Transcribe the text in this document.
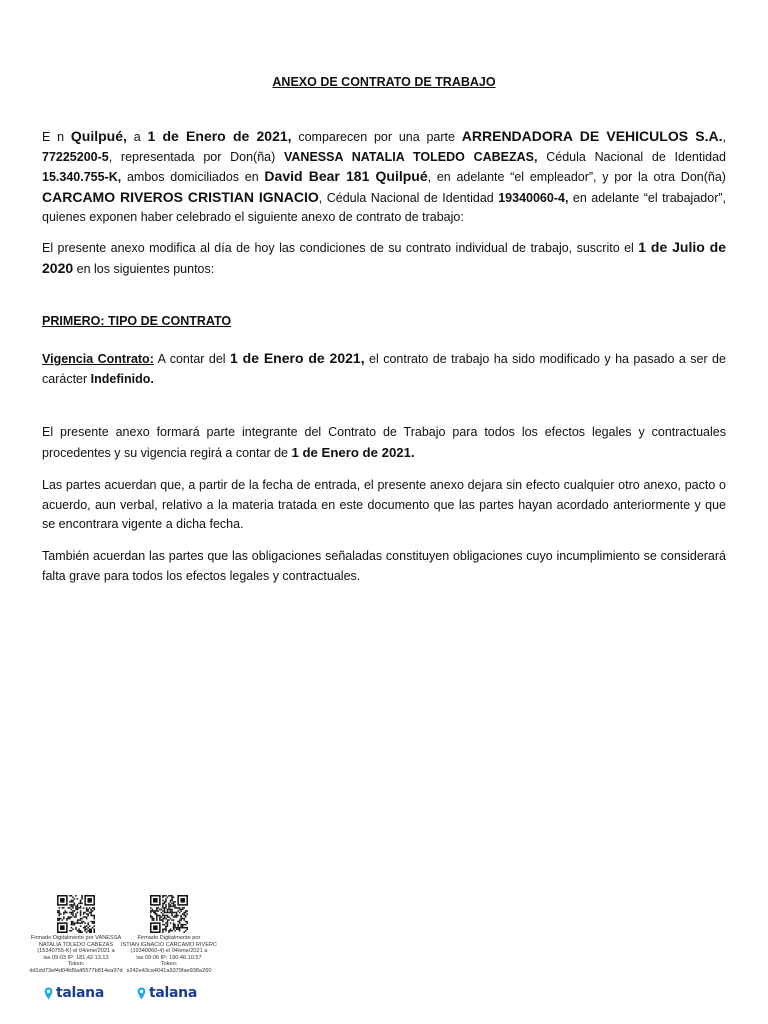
ANEXO DE CONTRATO DE TRABAJO
E n Quilpué, a 1 de Enero de 2021, comparecen por una parte ARRENDADORA DE VEHICULOS S.A., 77225200-5, representada por Don(ña) VANESSA NATALIA TOLEDO CABEZAS, Cédula Nacional de Identidad 15.340.755-K, ambos domiciliados en David Bear 181 Quilpué, en adelante “el empleador”, y por la otra Don(ña) CARCAMO RIVEROS CRISTIAN IGNACIO, Cédula Nacional de Identidad 19340060-4, en adelante “el trabajador”, quienes exponen haber celebrado el siguiente anexo de contrato de trabajo:
El presente anexo modifica al día de hoy las condiciones de su contrato individual de trabajo, suscrito el 1 de Julio de 2020 en los siguientes puntos:
PRIMERO: TIPO DE CONTRATO
Vigencia Contrato: A contar del 1 de Enero de 2021, el contrato de trabajo ha sido modificado y ha pasado a ser de carácter Indefinido.
El presente anexo formará parte integrante del Contrato de Trabajo para todos los efectos legales y contractuales procedentes y su vigencia regirá a contar de 1 de Enero de 2021.
Las partes acuerdan que, a partir de la fecha de entrada, el presente anexo dejara sin efecto cualquier otro anexo, pacto o acuerdo, aun verbal, relativo a la materia tratada en este documento que las partes hayan acordado anteriormente y que se encontrara vigente a dicha fecha.
También acuerdan las partes que las obligaciones señaladas constituyen obligaciones cuyo incumplimiento se considerará falta grave para todos los efectos legales y contractuales.
Firmado Digitalmente por VANESSA
NATALIA TOLEDO CABEZAS
(15340755-K) el 04/ene/2021 a
las 09:03 IP: 181.42.13.13
Token:
dd1dd73ef4d04bf9a45577b814ea97d
Firmado Digitalmente por
ISTIAN IGNACIO CARCAMO RIVERC
(19340060-4) el 04/ene/2021 a
las 09:06 IP: 190.46.10.57
Token:
s242e43ca4041a9379fae938a260
talana	talana
